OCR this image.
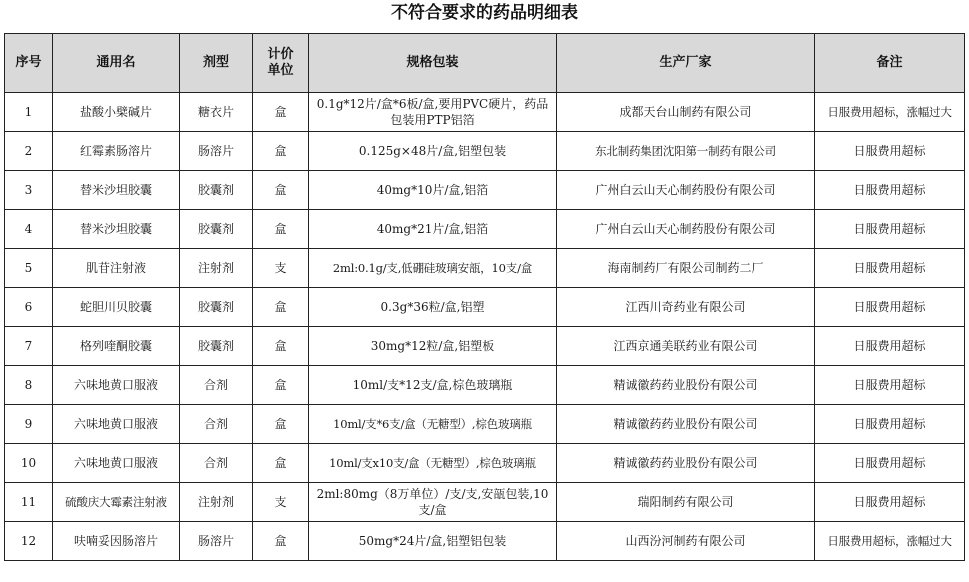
不符合要求的药品明细表
序号	通用名	剂型	计价单位	规格包装	生产厂家	备注
1	盐酸小檗碱片	糖衣片	盒	0.1g*12片/盒*6板/盒,要用PVC硬片，药品包装用PTP铝箔	成都天台山制药有限公司	日服费用超标，涨幅过大
2	红霉素肠溶片	肠溶片	盒	0.125g×48片/盒,铝塑包装	东北制药集团沈阳第一制药有限公司	日服费用超标
3	替米沙坦胶囊	胶囊剂	盒	40mg*10片/盒,铝箔	广州白云山天心制药股份有限公司	日服费用超标
4	替米沙坦胶囊	胶囊剂	盒	40mg*21片/盒,铝箔	广州白云山天心制药股份有限公司	日服费用超标
5	肌苷注射液	注射剂	支	2ml:0.1g/支,低硼硅玻璃安瓿，10支/盒	海南制药厂有限公司制药二厂	日服费用超标
6	蛇胆川贝胶囊	胶囊剂	盒	0.3g*36粒/盒,铝塑	江西川奇药业有限公司	日服费用超标
7	格列喹酮胶囊	胶囊剂	盒	30mg*12粒/盒,铝塑板	江西京通美联药业有限公司	日服费用超标
8	六味地黄口服液	合剂	盒	10ml/支*12支/盒,棕色玻璃瓶	精诚徽药药业股份有限公司	日服费用超标
9	六味地黄口服液	合剂	盒	10ml/支*6支/盒（无糖型）,棕色玻璃瓶	精诚徽药药业股份有限公司	日服费用超标
10	六味地黄口服液	合剂	盒	10ml/支x10支/盒（无糖型）,棕色玻璃瓶	精诚徽药药业股份有限公司	日服费用超标
11	硫酸庆大霉素注射液	注射剂	支	2ml:80mg（8万单位）/支/支,安瓿包装,10支/盒	瑞阳制药有限公司	日服费用超标
12	呋喃妥因肠溶片	肠溶片	盒	50mg*24片/盒,铝塑铝包装	山西汾河制药有限公司	日服费用超标，涨幅过大
